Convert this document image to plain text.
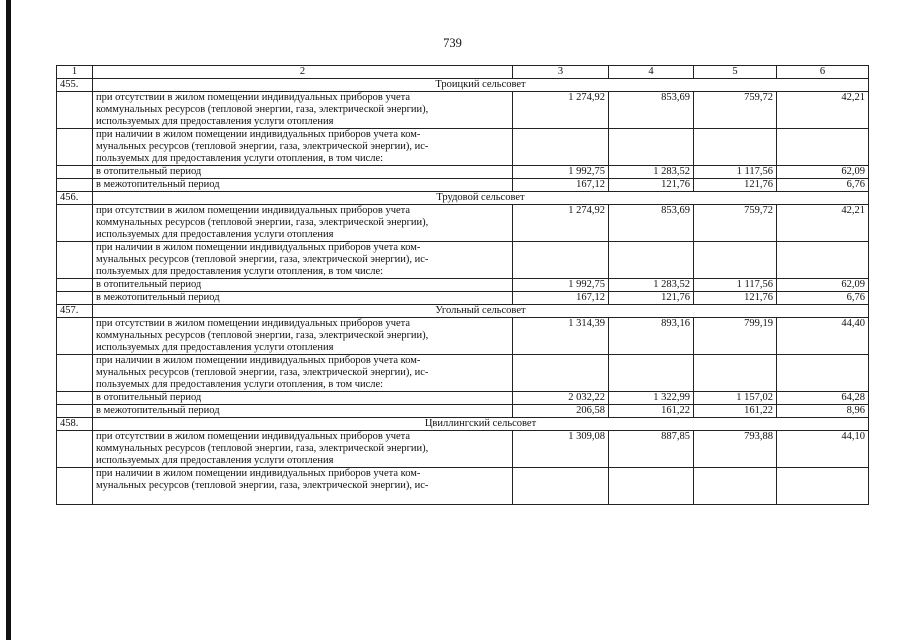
739
1	2	3	4	5	6
455.	Троицкий сельсовет				

	при отсутствии в жилом помещении индивидуальных приборов учета
коммунальных ресурсов (тепловой энергии, газа, электрической энергии),
используемых для предоставления услуги отопления	1 274,92	853,69	759,72	42,21

	при наличии в жилом помещении индивидуальных приборов учета ком-
мунальных ресурсов (тепловой энергии, газа, электрической энергии), ис-
пользуемых для предоставления услуги отопления, в том числе:				

	в отопительный период	1 992,75	1 283,52	1 117,56	62,09

	в межотопительный период	167,12	121,76	121,76	6,76
456.	Трудовой сельсовет				

	при отсутствии в жилом помещении индивидуальных приборов учета
коммунальных ресурсов (тепловой энергии, газа, электрической энергии),
используемых для предоставления услуги отопления	1 274,92	853,69	759,72	42,21

	при наличии в жилом помещении индивидуальных приборов учета ком-
мунальных ресурсов (тепловой энергии, газа, электрической энергии), ис-
пользуемых для предоставления услуги отопления, в том числе:				

	в отопительный период	1 992,75	1 283,52	1 117,56	62,09

	в межотопительный период	167,12	121,76	121,76	6,76
457.	Угольный сельсовет				

	при отсутствии в жилом помещении индивидуальных приборов учета
коммунальных ресурсов (тепловой энергии, газа, электрической энергии),
используемых для предоставления услуги отопления	1 314,39	893,16	799,19	44,40

	при наличии в жилом помещении индивидуальных приборов учета ком-
мунальных ресурсов (тепловой энергии, газа, электрической энергии), ис-
пользуемых для предоставления услуги отопления, в том числе:				

	в отопительный период	2 032,22	1 322,99	1 157,02	64,28

	в межотопительный период	206,58	161,22	161,22	8,96
458.	Цвиллингский сельсовет				

	при отсутствии в жилом помещении индивидуальных приборов учета
коммунальных ресурсов (тепловой энергии, газа, электрической энергии),
используемых для предоставления услуги отопления	1 309,08	887,85	793,88	44,10

	при наличии в жилом помещении индивидуальных приборов учета ком-
мунальных ресурсов (тепловой энергии, газа, электрической энергии), ис-				
